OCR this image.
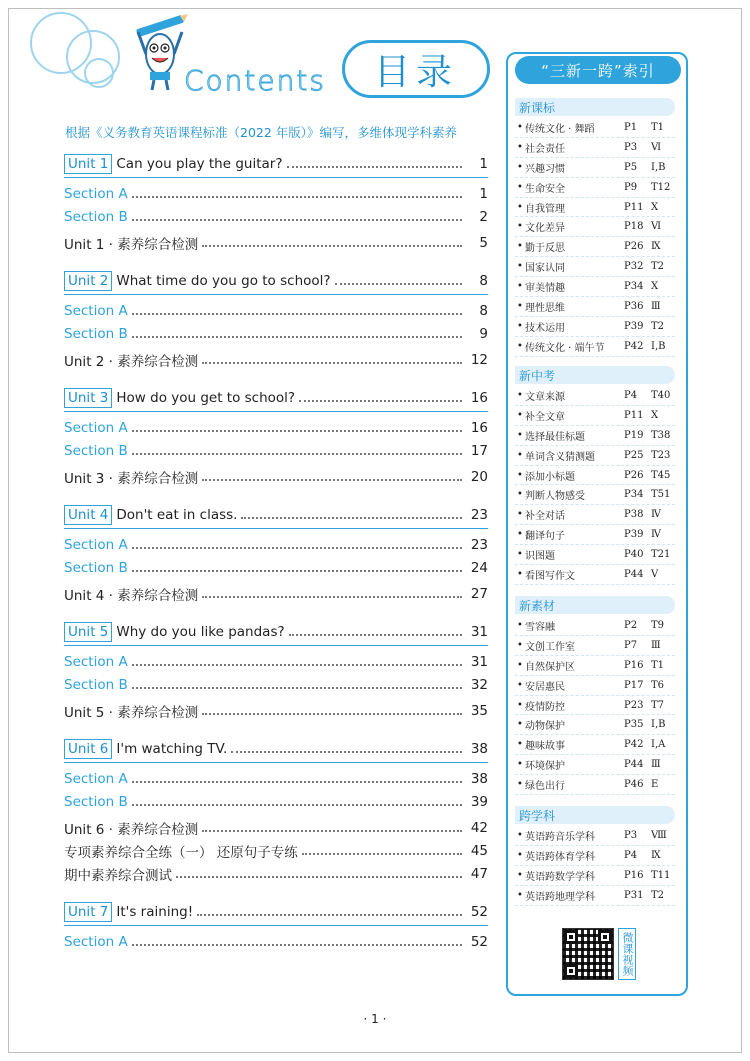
Contents	目录
根据《义务教育英语课程标准（2022 年版）》编写，多维体现学科素养
Unit 1 Can you play the guitar?	1
Section A	1
Section B	2
Unit 1 · 素养综合检测	5
Unit 2 What time do you go to school?	8
Section A	8
Section B	9
Unit 2 · 素养综合检测	12
Unit 3 How do you get to school?	16
Section A	16
Section B	17
Unit 3 · 素养综合检测	20
Unit 4 Don't eat in class.	23
Section A	23
Section B	24
Unit 4 · 素养综合检测	27
Unit 5 Why do you like pandas?	31
Section A	31
Section B	32
Unit 5 · 素养综合检测	35
Unit 6 I'm watching TV.	38
Section A	38
Section B	39
Unit 6 · 素养综合检测	42
专项素养综合全练（一） 还原句子专练	45
期中素养综合测试	47
Unit 7 It's raining!	52
Section A	52
“三新一跨”索引
新课标
• 传统文化 · 舞蹈	P1	T1
• 社会责任	P3	Ⅵ
• 兴趣习惯	P5	Ⅰ,B
• 生命安全	P9	T12
• 自我管理	P11 Ⅹ
• 文化差异	P18 Ⅵ
• 勤于反思	P26 Ⅸ
• 国家认同	P32 T2
• 审美情趣	P34 Ⅹ
• 理性思维	P36 Ⅲ
• 技术运用	P39 T2
• 传统文化 · 端午节	P42 Ⅰ,B
新中考
• 文章来源	P4	T40
• 补全文章	P11 Ⅹ
• 选择最佳标题	P19 T38
• 单词含义猜测题	P25 T23
• 添加小标题	P26 T45
• 判断人物感受	P34 T51
• 补全对话	P38 Ⅳ
• 翻译句子	P39 Ⅳ
• 识图题	P40 T21
• 看图写作文	P44 Ⅴ
新素材
• 雪容融	P2	T9
• 文创工作室	P7	Ⅲ
• 自然保护区	P16 T1
• 安居惠民	P17 T6
• 疫情防控	P23 T7
• 动物保护	P35 Ⅰ,B
• 趣味故事	P42 Ⅰ,A
• 环境保护	P44 Ⅲ
• 绿色出行	P46 E
跨学科
• 英语跨音乐学科	P3	Ⅷ
• 英语跨体育学科	P4	Ⅸ
• 英语跨数学学科	P16 T11
• 英语跨地理学科	P31 T2
微课视频
· 1 ·
